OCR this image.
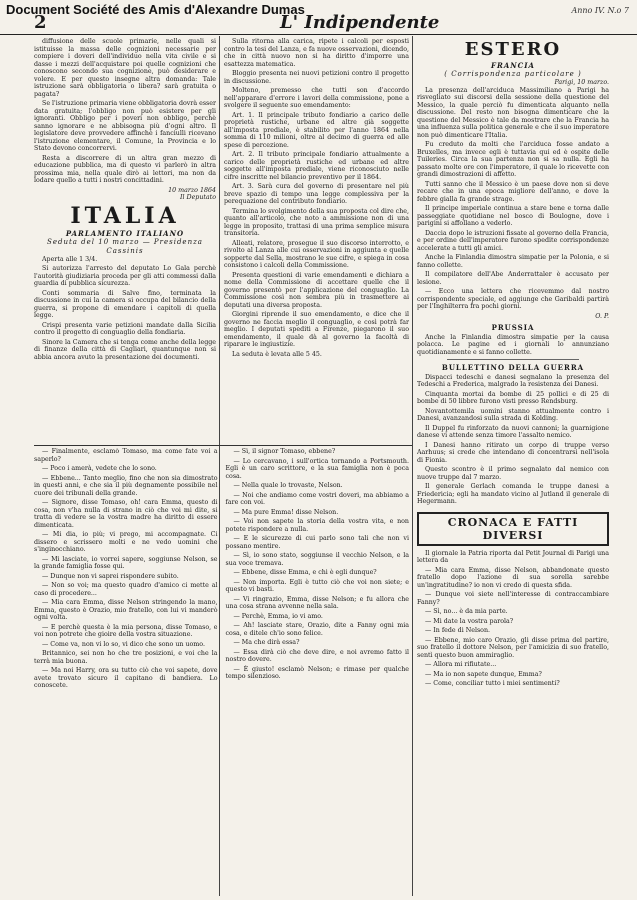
Document Société des Amis d'Alexandre Dumas
2	L' Indipendente
Anno IV. N.o 7

diffusione delle scuole primarie, nelle quali si istituisse la massa delle cognizioni necessarie per compiere i doveri dell'individuo nella vita civile e si dasse i mezzi dell'acquistare poi quelle cognizioni che conoscono secondo sua cognizione, può desiderare e volere. E per questo insegne altra domanda: Tale istruzione sarà obbligatoria o libera? sarà gratuita o pagata?

Se l'istruzione primaria viene obbligatoria dovrà esser data gratuita; l'obbligo non può esistere per gli ignoranti. Obbligo per i poveri non obbligo, perchè sanno ignorare e ne abbisogna più d'ogni altro. Il legislatore deve provvedere affinchè i fanciulli ricevano l'istruzione elementare, il Comune, la Provincia e lo Stato devono concorrervi.

Resta a discorrere di un altra gran mezzo di educazione pubblica, ma di questo vi parlerò in altra prossima mia, nella quale dirò ai lettori, ma non da lodare quello a tutti i nostri concittadini.

10 marzo 1864
Il Deputato
ITALIA
PARLAMENTO ITALIANO
Seduta del 10 marzo — Presidenza Cassinis

Aperta alle 1 3/4.

Si autorizza l'arresto del deputato Lo Gala perchè l'autorità giudiziaria proceda per gli atti commessi dalla guardia di pubblica sicurezza.

Conti sommaria di Salve fino, terminata la discussione in cui la camera si occupa del bilancio della guerra, si propone di emendare i capitoli di quella legge.

Crispi presenta varie petizioni mandate dalla Sicilia contro il progetto di conguaglio della fondiaria.

Sinore la Camera che si tenga come anche della legge di finanze della città di Cagliari, quantunque non si abbia ancora avuto la presentazione dei documenti.

Sulla ritorna alla carica, ripete i calcoli per esposti contro la tesi del Lanza, e fa nuove osservazioni, dicendo, che in città nuovo non si ha diritto d'imporre una esattezza matematica.

Bloggio presenta nei nuovi petizioni contro il progetto in discussione.

Molteno, premesso che tutti son d'accordo nell'apparare d'errore i lavori della commissione, pone a svolgere il seguente suo emendamento:

Art. 1. Il principale tributo fondiario a carico delle proprietà rustiche, urbane ed altre già soggette all'imposta prediale, è stabilito per l'anno 1864 nella somma di 110 milioni, oltre al decimo di guerra ed alle spese di percezione.

Art. 2. Il tributo principale fondiario attualmente a carico delle proprietà rustiche ed urbane ed altre soggette all'imposta prediale, viene riconosciuto nelle cifre inscritte nel bilancio preventivo per il 1864.

Art. 3. Sarà cura del governo di presentare nel più breve spazio di tempo una legge complessiva per la perequazione del contributo fondiario.

Termina lo svolgimento della sua proposta col dire che, quanto all'articolo, che noto a ammissione non di una legge in proposito, trattasi di una prima semplice misura transitoria.

Alleati, relatore, prosegue il suo discorso interrotto, e rivolto al Lanza alle cui osservazioni in aggiunta e quelle sopperte dal Sella, mostrano le sue cifre, e spiega in cosa consistono i calcoli della Commissione.

Presenta questioni di varie emendamenti e dichiara a nome della Commissione di accettare quelle che il governo presentò per l'applicazione del conguaglio. La Commissione così non sembra più in trasmettere ai deputati una diversa proposta.

Giorgini riprende il suo emendamento, e dice che il governo ne faccia meglio il conguaglio, e così potrà far meglio. I deputati spediti a Firenze, piegarono il suo emendamento, il quale dà al governo la facoltà di riparare le ingiustizie.

La seduta è levata alle 5 45.

ESTERO
FRANCIA
( Corrispondenza particolare )
Parigi, 10 marzo.

La presenza dell'arciduca Massimiliano a Parigi ha risvegliato sui discorsi della sessione della questione del Messico, la quale perciò fu dimenticata alquanto nella discussione. Del resto non bisogna dimenticare che la questione del Messico è tale da mostrare che la Francia ha una influenza sulla politica generale e che il suo imperatore non può dimenticare l'Italia.

Fu creduto da molti che l'arciduca fosse andato a Bruxelles, ma invece egli è tuttavia qui ed è ospite delle Tuileries. Circa la sua partenza non si sa nulla. Egli ha passato molte ore con l'imperatore, il quale lo ricevette con grandi dimostrazioni di affetto.

Tutti sanno che il Messico è un paese dove non si deve recare che in una epoca migliore dell'anno, e dove la febbre gialla fa grande strage.

Il principe imperiale continua a stare bene e torna dalle passeggiate quotidiane nel bosco di Boulogne, dove i parigini si affollano a vederlo.

Daccia dopo le istruzioni fissate al governo della Francia, e per ordine dell'imperatore furono spedite corrispondenze accelerate a tutti gli amici.

Anche la Finlandia dimostra simpatie per la Polonia, e si fanno collette.

Il compilatore dell'Abe Anderrattaler è accusato per lesione.

— Ecco una lettera che ricevemmo dal nostro corrispondente speciale, ed aggiunge che Garibaldi partirà per l'Inghilterra fra pochi giorni.

O. P.
PRUSSIA

Anche la Finlandia dimostra simpatie per la causa polacca. Le pagine ed i giornali lo annunziano quotidianamente e si fanno collette.

BULLETTINO DELLA GUERRA

Dispacci tedeschi e danesi segnalano la presenza del Tedeschi a Frederica, malgrado la resistenza dei Danesi.

Cinquanta mortai da bombe di 25 pollici e di 25 di bombe di 50 libbre furono visti presso Rendsburg.

Novantottemila uomini stanno attualmente contro i Danesi, avanzandosi sulla strada di Kolding.

Il Duppel fu rinforzato da nuovi cannoni; la guarnigione danese vi attende senza timore l'assalto nemico.

I Danesi hanno ritirato un corpo di truppe verso Aarhuus; si crede che intendano di concentrarsi nell'isola di Fionia.

Questo scontro è il primo segnalato dal nemico con nuove truppe dal 7 marzo.

Il generale Gerlach comanda le truppe danesi a Friedericia; egli ha mandato vicino al Jutland il generale di Hegermann.

CRONACA E FATTI DIVERSI

Il giornale la Patria riporta dal Petit Journal di Parigi una lettera da

— Mia cara Emma, disse Nelson, abbandonate questo fratello dopo l'azione di sua sorella sarebbe un'ingratitudine? io non vi credo di questa sfida.

— Dunque voi siete nell'interesse di contraccambiare Fanny?

— Sì, no... è da mia parte.

— Mi date la vostra parola?

— In fede di Nelson.

— Ebbene, mio caro Orazio, gli disse prima del partire, suo fratello il dottore Nelson, per l'amicizia di suo fratello, sentì questo buon ammiraglio.

— Allora mi rifiutate...

— Ma io non sapete dunque, Emma?

— Come, conciliar tutto i miei sentimenti?

— Finalmente, esclamò Tomaso, ma come fate voi a saperlo?

— Poco i amerà, vedete che lo sono.

— Ebbene... Tanto meglio, fino che non sia dimostrato in questi anni, e che sia il più degnamente possibile nel cuore dei tribunali della grande.

— Signore, disse Tomaso, oh! cara Emma, questo di cosa, non v'ha nulla di strano in ciò che voi mi dite, si tratta di vedere se la vostra madre ha diritto di essere dimenticata.

— Mi dia, io più; vi prego, mi accompagnate. Ci dissero e scrissero molti e ne vedo uomini che s'inginocchiano.

— Mi lasciate, io vorrei sapere, soggiunse Nelson, se la grande famiglia fosse qui.

— Dunque non vi saprei rispondere subito.

— Non so voi; ma questo quadro d'amico ci mette al caso di procedere...

— Mia cara Emma, disse Nelson stringendo la mano, Emma, questo è Orazio, mio fratello, con lui vi manderò ogni volta.

— E perchè questa è la mia persona, disse Tomaso, e voi non potrete che gioire della vostra situazione.

— Come va, non vi lo so, vi dico che sono un uomo.

Britannico, sei non ho che tre posizioni, e voi che la terrà mia buona.

— Ma noi Harry, ora su tutto ciò che voi sapete, dove avete trovato sicuro il capitano di bandiera. Lo conoscete.

— Sì, il signor Tomaso, ebbene?

— Lo cercavano, i sull'ortica tornando a Portsmouth. Egli è un caro scrittore, e la sua famiglia non è poca cosa.

— Nella quale lo trovaste, Nelson.

— Noi che andiamo come vostri doveri, ma abbiamo a fare con voi.

— Ma pure Emma! disse Nelson.

— Voi non sapete la storia della vostra vita, e non potete rispondere a nulla.

— E le sicurezze di cui parlo sono tali che non vi possano mentire.

— Sì, io sono stato, soggiunse il vecchio Nelson, e la sua voce tremava.

— Ebbene, disse Emma, e chi è egli dunque?

— Non importa. Egli è tutto ciò che voi non siete; e questo vi basti.

— Vi ringrazio, Emma, disse Nelson; e fu allora che una cosa strana avvenne nella sala.

— Perchè, Emma, io vi amo.

— Ah! lasciate stare, Orazio, dite a Fanny ogni mia cosa, e ditele ch'io sono felice.

— Ma che dirà essa?

— Essa dirà ciò che deve dire, e noi avremo fatto il nostro dovere.

— È giusto! esclamò Nelson; e rimase per qualche tempo silenzioso.
